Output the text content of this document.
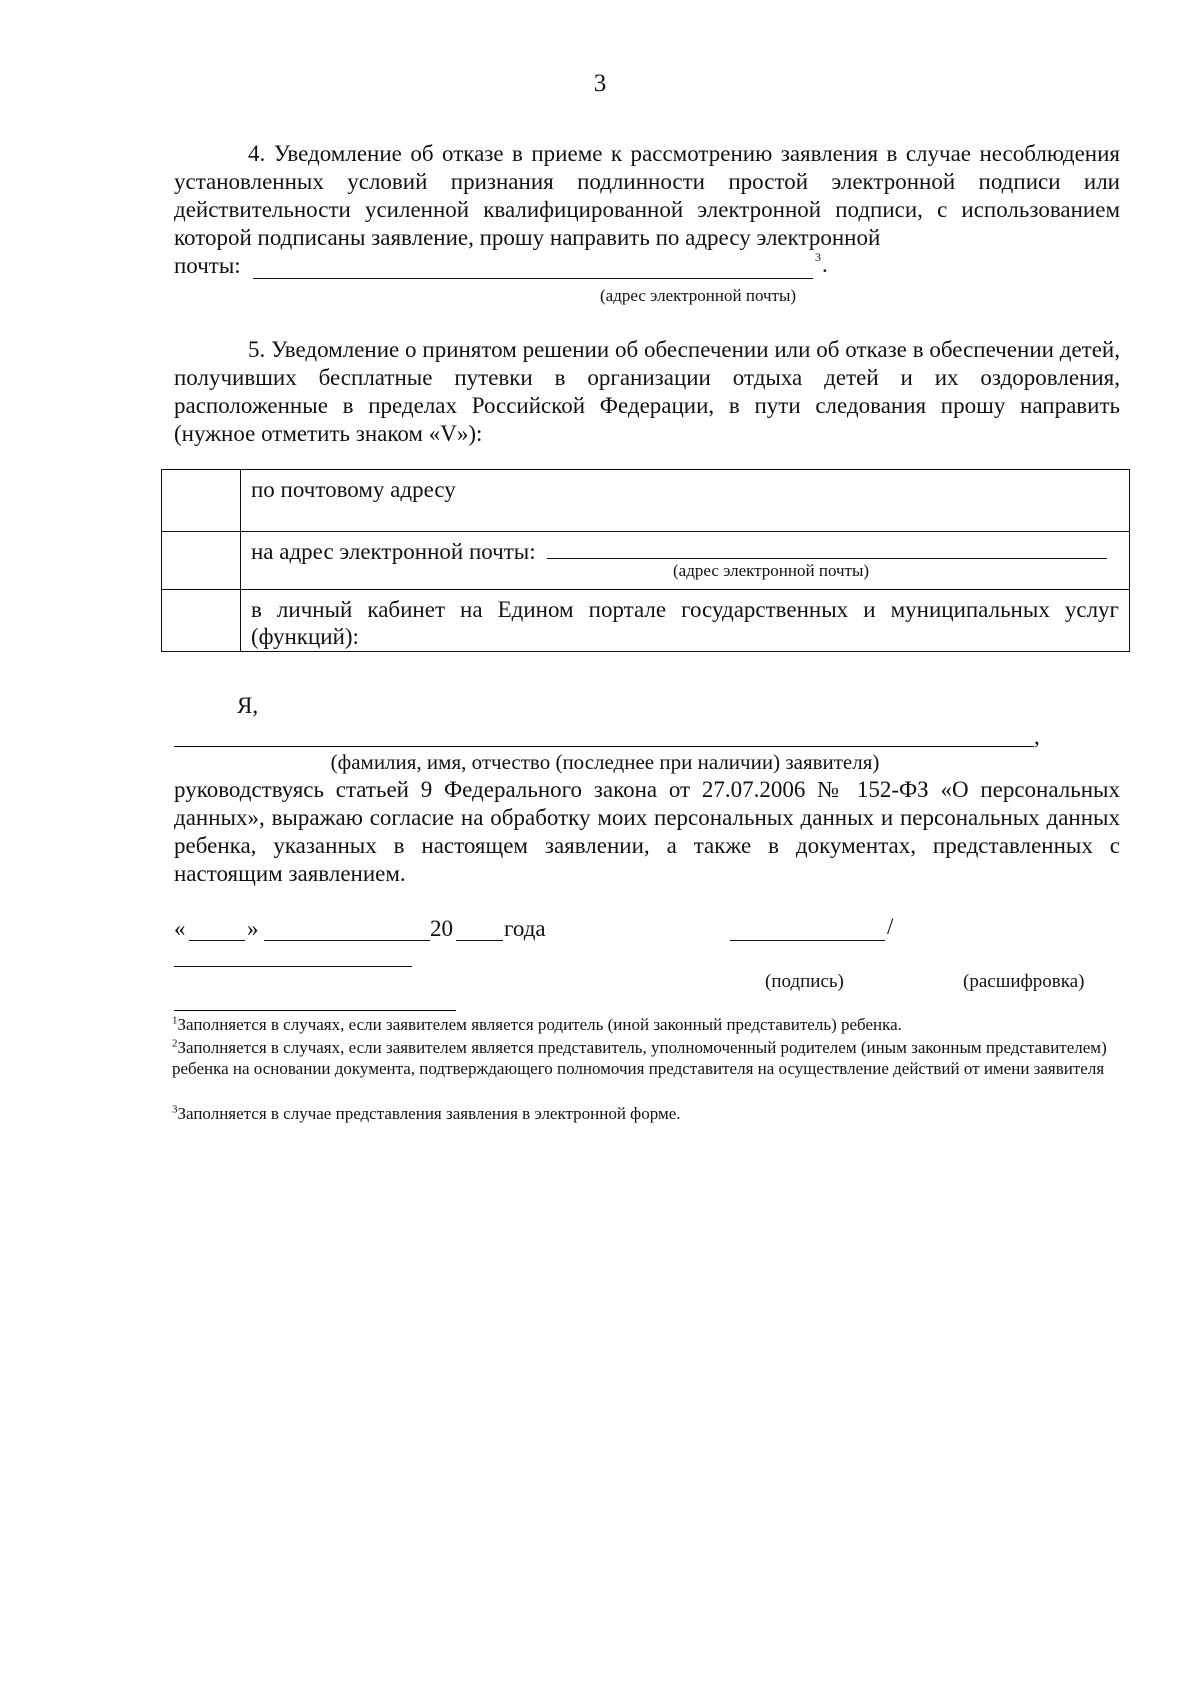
3

4. Уведомление об отказе в приеме к рассмотрению заявления в случае несоблюдения установленных условий признания подлинности простой электронной подписи или действительности усиленной квалифицированной электронной подписи, с использованием которой подписаны заявление, прошу направить по адресу электронной

почты:	3 .
(адрес электронной почты)

5. Уведомление о принятом решении об обеспечении или об отказе в обеспечении детей, получивших бесплатные путевки в организации отдыха детей и их оздоровления, расположенные в пределах Российской Федерации, в пути следования прошу направить (нужное отметить знаком «V»):

	по почтовому адресу
	на адрес электронной почты:
(адрес электронной почты)

	в личный кабинет на Едином портале государственных и муниципальных услуг (функций):
Я,
,
(фамилия, имя, отчество (последнее при наличии) заявителя)

руководствуясь статьей 9 Федерального закона от 27.07.2006 № 152-ФЗ «О персональных данных», выражаю согласие на обработку моих персональных данных и персональных данных ребенка, указанных в настоящем заявлении, а также в документах, представленных с настоящим заявлением.

«	»	20 года	/
(подпись)	(расшифровка)
$^1$Заполняется в случаях, если заявителем является родитель (иной законный представитель) ребенка.
$^2$Заполняется в случаях, если заявителем является представитель, уполномоченный родителем (иным законным представителем) ребенка на основании документа, подтверждающего полномочия представителя на осуществление действий от имени заявителя
$^3$Заполняется в случае представления заявления в электронной форме.
